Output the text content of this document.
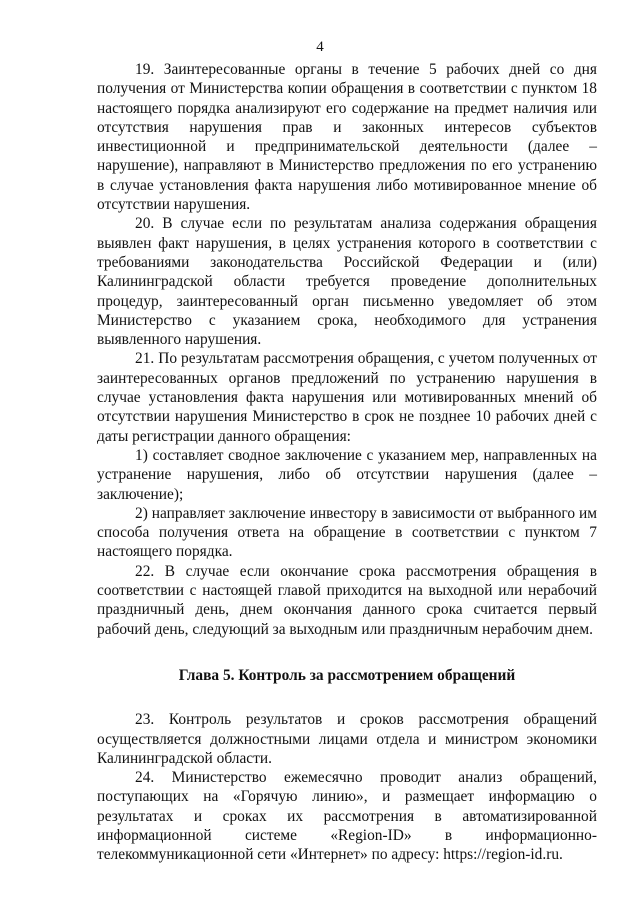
4

19. Заинтересованные органы в течение 5 рабочих дней со дня получения от Министерства копии обращения в соответствии с пунктом 18 настоящего порядка анализируют его содержание на предмет наличия или отсутствия нарушения прав и законных интересов субъектов инвестиционной и предпринимательской деятельности (далее – нарушение), направляют в Министерство предложения по его устранению в случае установления факта нарушения либо мотивированное мнение об отсутствии нарушения.

20. В случае если по результатам анализа содержания обращения выявлен факт нарушения, в целях устранения которого в соответствии с требованиями законодательства Российской Федерации и (или) Калининградской области требуется проведение дополнительных процедур, заинтересованный орган письменно уведомляет об этом Министерство с указанием срока, необходимого для устранения выявленного нарушения.

21. По результатам рассмотрения обращения, с учетом полученных от заинтересованных органов предложений по устранению нарушения в случае установления факта нарушения или мотивированных мнений об отсутствии нарушения Министерство в срок не позднее 10 рабочих дней с даты регистрации данного обращения:

1) составляет сводное заключение с указанием мер, направленных на устранение нарушения, либо об отсутствии нарушения (далее – заключение);

2) направляет заключение инвестору в зависимости от выбранного им способа получения ответа на обращение в соответствии с пунктом 7 настоящего порядка.

22. В случае если окончание срока рассмотрения обращения в соответствии с настоящей главой приходится на выходной или нерабочий праздничный день, днем окончания данного срока считается первый рабочий день, следующий за выходным или праздничным нерабочим днем.

Глава 5. Контроль за рассмотрением обращений

23. Контроль результатов и сроков рассмотрения обращений осуществляется должностными лицами отдела и министром экономики Калининградской области.

24. Министерство ежемесячно проводит анализ обращений, поступающих на «Горячую линию», и размещает информацию о результатах и сроках их рассмотрения в автоматизированной информационной системе «Region-ID» в информационно-телекоммуникационной сети «Интернет» по адресу: https://region-id.ru.
